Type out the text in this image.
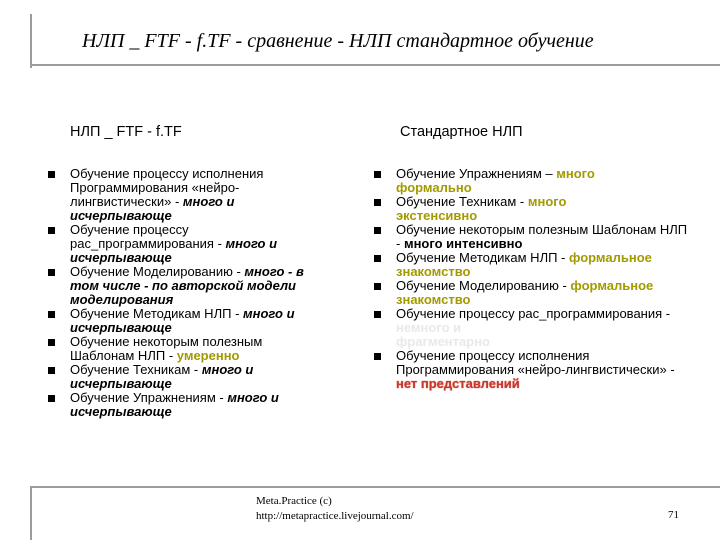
НЛП _ FTF - f.TF - сравнение - НЛП стандартное обучение
НЛП _ FTF - f.TF	Стандартное НЛП
Обучение процессу исполнения
Программирования «нейро-
лингвистически» - много и
исчерпывающе
Обучение процессу
рас_программирования - много и
исчерпывающе
Обучение Моделированию - много - в
том числе - по авторской модели
моделирования
Обучение Методикам НЛП - много и
исчерпывающе
Обучение некоторым полезным
Шаблонам НЛП - умеренно
Обучение Техникам - много и
исчерпывающе
Обучение Упражнениям - много и
исчерпывающе
Обучение Упражнениям – много
формально
Обучение Техникам - много
экстенсивно
Обучение некоторым полезным Шаблонам НЛП - много интенсивно
Обучение Методикам НЛП - формальное знакомство
Обучение Моделированию - формальное знакомство
Обучение процессу рас_программирования - немного и
фрагментарно
Обучение процессу исполнения Программирования «нейро-лингвистически» - нет представлений
Meta.Practice (c)
http://metapractice.livejournal.com/	71
